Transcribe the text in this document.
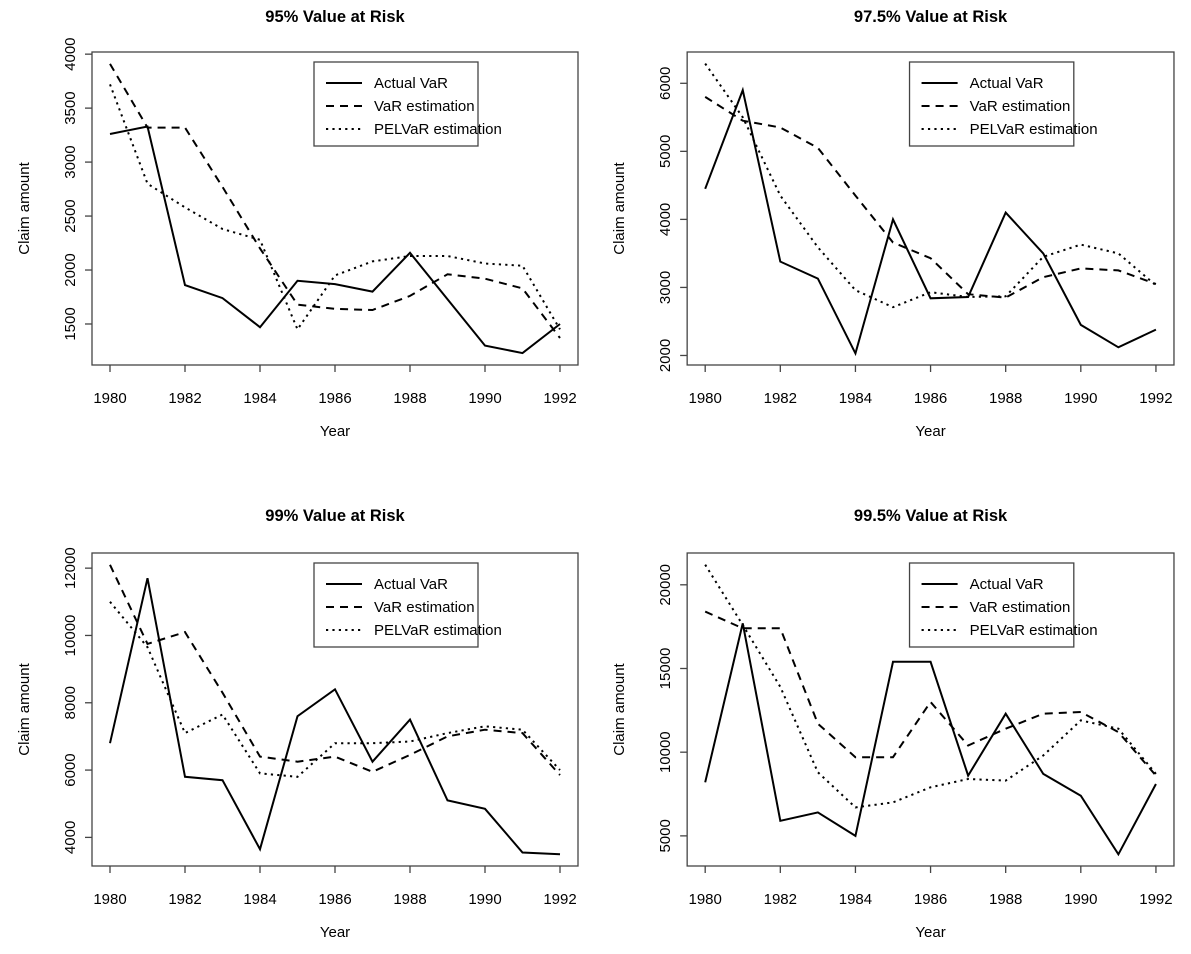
1980	1982	1984	1986	1988	1990	1992
1500
2000
2500
3000
3500
4000
95% Value at Risk
Year
Claim amount
Actual VaR
VaR estimation
PELVaR estimation
1980	1982	1984	1986	1988	1990	1992
2000
3000
4000
5000
6000
97.5% Value at Risk
Year
Claim amount
Actual VaR
VaR estimation
PELVaR estimation
1980	1982	1984	1986	1988	1990	1992
4000
6000
8000
10000
12000
99% Value at Risk
Year
Claim amount
Actual VaR
VaR estimation
PELVaR estimation
1980	1982	1984	1986	1988	1990	1992
5000
10000
15000
20000
99.5% Value at Risk
Year
Claim amount
Actual VaR
VaR estimation
PELVaR estimation
